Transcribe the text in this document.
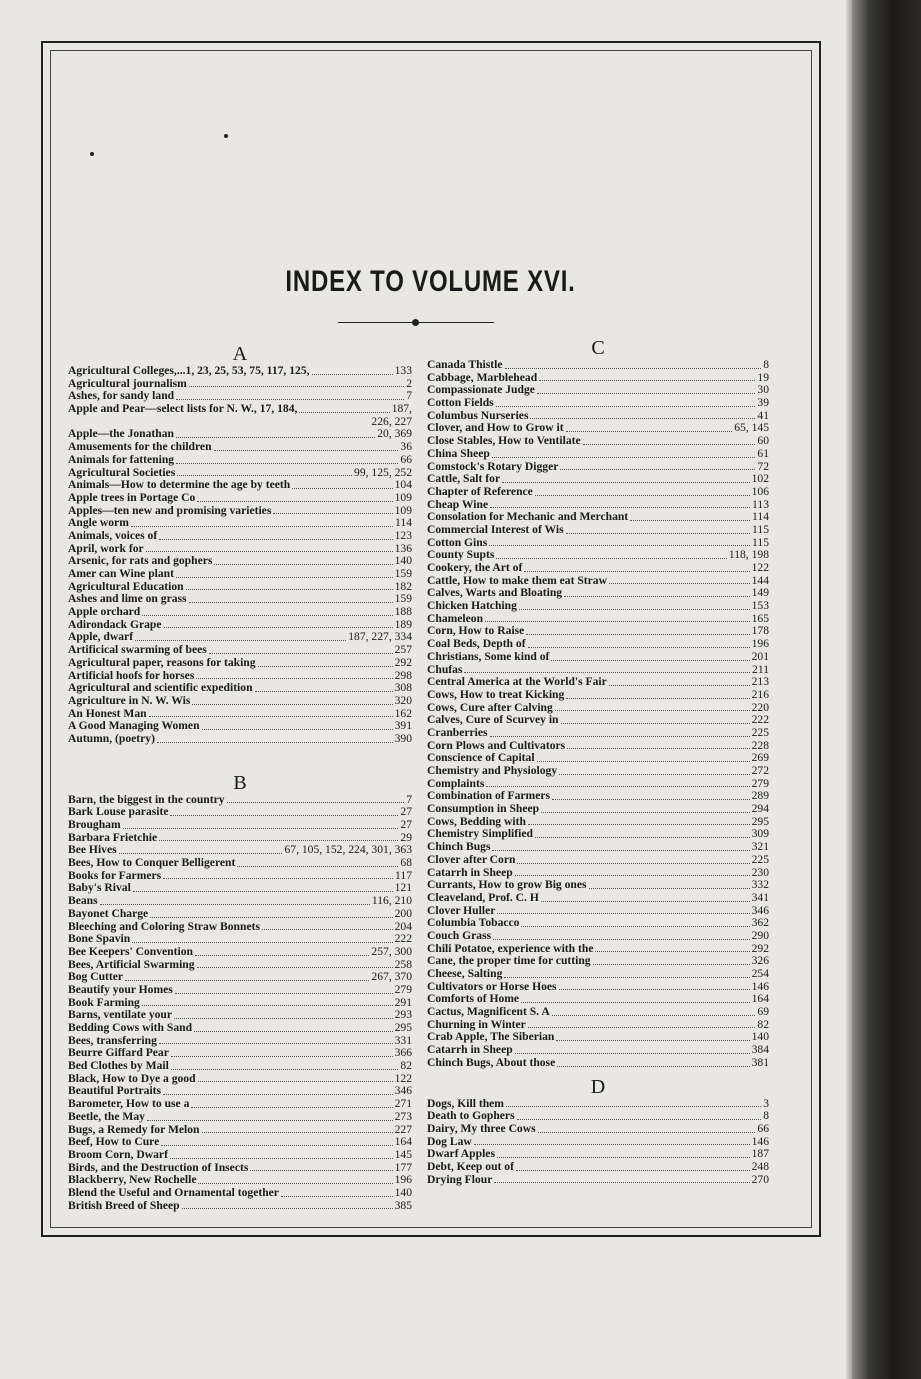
INDEX TO VOLUME XVI.
A
Agricultural Colleges,...1, 23, 25, 53, 75, 117, 125,	133
Agricultural journalism	2
Ashes, for sandy land	7
Apple and Pear—select lists for N. W., 17, 184,	187,
226, 227
Apple—the Jonathan	20, 369
Amusements for the children	36
Animals for fattening	66
Agricultural Societies	99, 125, 252
Animals—How to determine the age by teeth	104
Apple trees in Portage Co	109
Apples—ten new and promising varieties	109
Angle worm	114
Animals, voices of	123
April, work for	136
Arsenic, for rats and gophers	140
Amer can Wine plant	159
Agricultural Education	182
Ashes and lime on grass	159
Apple orchard	188
Adirondack Grape	189
Apple, dwarf	187, 227, 334
Artificical swarming of bees	257
Agricultural paper, reasons for taking	292
Artificial hoofs for horses	298
Agricultural and scientific expedition	308
Agriculture in N. W. Wis	320
An Honest Man	162
A Good Managing Women	391
Autumn, (poetry)	390
B
Barn, the biggest in the country	7
Bark Louse parasite	27
Brougham	27
Barbara Frietchie	29
Bee Hives	67, 105, 152, 224, 301, 363
Bees, How to Conquer Belligerent	68
Books for Farmers	117
Baby's Rival	121
Beans	116, 210
Bayonet Charge	200
Bleeching and Coloring Straw Bonnets	204
Bone Spavin	222
Bee Keepers' Convention	257, 300
Bees, Artificial Swarming	258
Bog Cutter	267, 370
Beautify your Homes	279
Book Farming	291
Barns, ventilate your	293
Bedding Cows with Sand	295
Bees, transferring	331
Beurre Giffard Pear	366
Bed Clothes by Mail	82
Black, How to Dye a good	122
Beautiful Portraits	346
Barometer, How to use a	271
Beetle, the May	273
Bugs, a Remedy for Melon	227
Beef, How to Cure	164
Broom Corn, Dwarf	145
Birds, and the Destruction of Insects	177
Blackberry, New Rochelle	196
Blend the Useful and Ornamental together	140
British Breed of Sheep	385
C
Canada Thistle	8
Cabbage, Marblehead	19
Compassionate Judge	30
Cotton Fields	39
Columbus Nurseries	41
Clover, and How to Grow it	65, 145
Close Stables, How to Ventilate	60
China Sheep	61
Comstock's Rotary Digger	72
Cattle, Salt for	102
Chapter of Reference	106
Cheap Wine	113
Consolation for Mechanic and Merchant	114
Commercial Interest of Wis	115
Cotton Gins	115
County Supts	118, 198
Cookery, the Art of	122
Cattle, How to make them eat Straw	144
Calves, Warts and Bloating	149
Chicken Hatching	153
Chameleon	165
Corn, How to Raise	178
Coal Beds, Depth of	196
Christians, Some kind of	201
Chufas	211
Central America at the World's Fair	213
Cows, How to treat Kicking	216
Cows, Cure after Calving	220
Calves, Cure of Scurvey in	222
Cranberries	225
Corn Plows and Cultivators	228
Conscience of Capital	269
Chemistry and Physiology	272
Complaints	279
Combination of Farmers	289
Consumption in Sheep	294
Cows, Bedding with	295
Chemistry Simplified	309
Chinch Bugs	321
Clover after Corn	225
Catarrh in Sheep	230
Currants, How to grow Big ones	332
Cleaveland, Prof. C. H	341
Clover Huller	346
Columbia Tobacco	362
Couch Grass	290
Chili Potatoe, experience with the	292
Cane, the proper time for cutting	326
Cheese, Salting	254
Cultivators or Horse Hoes	146
Comforts of Home	164
Cactus, Magnificent S. A	69
Churning in Winter	82
Crab Apple, The Siberian	140
Catarrh in Sheep	384
Chinch Bugs, About those	381
D
Dogs, Kill them	3
Death to Gophers	8
Dairy, My three Cows	66
Dog Law	146
Dwarf Apples	187
Debt, Keep out of	248
Drying Flour	270
